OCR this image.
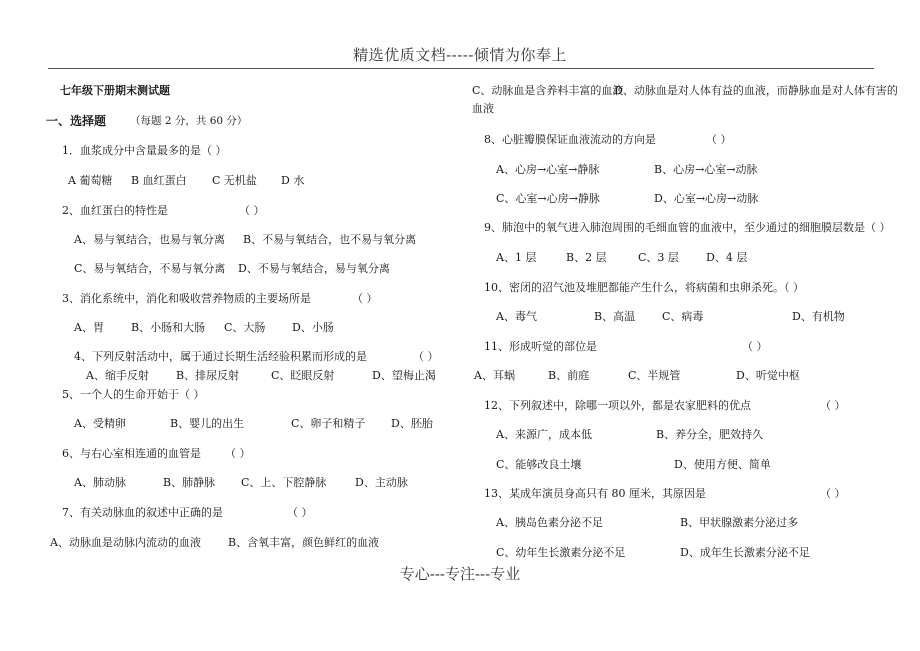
精选优质文档-----倾情为你奉上
七年级下册期末测试题
一、选择题 （每题 2 分，共 60 分）
1．血浆成分中含量最多的是（ ）
A 葡萄糖 B 血红蛋白 C 无机盐 D 水
2、血红蛋白的特性是	（ ）
A、易与氧结合，也易与氧分离 B、不易与氧结合，也不易与氧分离
C、易与氧结合，不易与氧分离 D、不易与氧结合，易与氧分离
3、消化系统中，消化和吸收营养物质的主要场所是	（ ）
A、胃 B、小肠和大肠 C、大肠 D、小肠
4、下列反射活动中，属于通过长期生活经验积累而形成的是	（ ）
A、缩手反射 B、排尿反射	C、眨眼反射	D、望梅止渴
5、一个人的生命开始于（ ）
A、受精卵	B、婴儿的出生	C、卵子和精子 D、胚胎
6、与右心室相连通的血管是 （ ）
A、肺动脉	B、肺静脉 C、上、下腔静脉	D、主动脉
7、有关动脉血的叙述中正确的是	（ ）
A、动脉血是动脉内流动的血液 B、含氧丰富，颜色鲜红的血液
C、动脉血是含养料丰富的血液
D、动脉血是对人体有益的血液，而静脉血是对人体有害的
血液
8、心脏瓣膜保证血液流动的方向是	（ ）
A、心房→心室→静脉	B、心房→心室→动脉
C、心室→心房→静脉	D、心室→心房→动脉
9、肺泡中的氧气进入肺泡周围的毛细血管的血液中，至少通过的细胞膜层数是（ ）
A、1 层	B、2 层	C、3 层 D、4 层
10、密闭的沼气池及堆肥都能产生什么，将病菌和虫卵杀死。（ ）
A、毒气	B、高温 C、病毒	D、有机物
11、形成听觉的部位是	（ ）
A、耳蜗	B、前庭	C、半规管	D、听觉中枢
12、下列叙述中，除哪一项以外，都是农家肥料的优点	（ ）
A、来源广，成本低	B、养分全，肥效持久
C、能够改良土壤	D、使用方便、简单
13、某成年演员身高只有 80 厘米，其原因是	（ ）
A、胰岛色素分泌不足	B、甲状腺激素分泌过多
C、幼年生长激素分泌不足	D、成年生长激素分泌不足
专心---专注---专业
